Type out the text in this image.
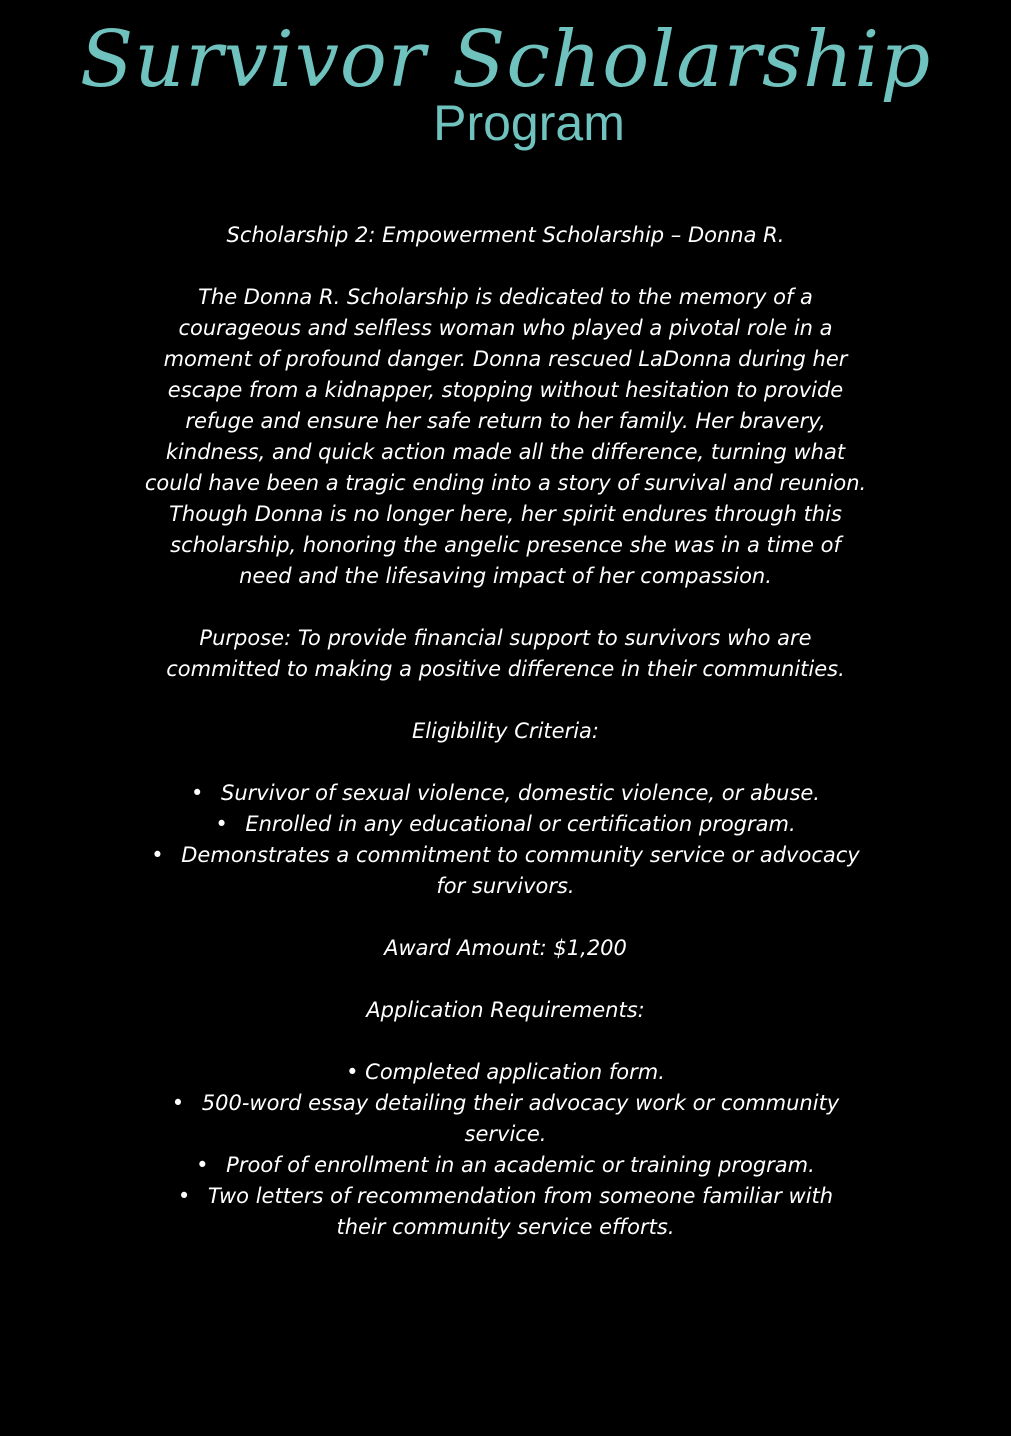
Survivor Scholarship
Program
Scholarship 2: Empowerment Scholarship – Donna R.
The Donna R. Scholarship is dedicated to the memory of a
courageous and selfless woman who played a pivotal role in a
moment of profound danger. Donna rescued LaDonna during her
escape from a kidnapper, stopping without hesitation to provide
refuge and ensure her safe return to her family. Her bravery,
kindness, and quick action made all the difference, turning what
could have been a tragic ending into a story of survival and reunion.
Though Donna is no longer here, her spirit endures through this
scholarship, honoring the angelic presence she was in a time of
need and the lifesaving impact of her compassion.
Purpose: To provide financial support to survivors who are
committed to making a positive difference in their communities.
Eligibility Criteria:
• Survivor of sexual violence, domestic violence, or abuse.
• Enrolled in any educational or certification program.
• Demonstrates a commitment to community service or advocacy
for survivors.
Award Amount: $1,200
Application Requirements:
• Completed application form.
• 500-word essay detailing their advocacy work or community
service.
• Proof of enrollment in an academic or training program.
• Two letters of recommendation from someone familiar with
their community service efforts.
